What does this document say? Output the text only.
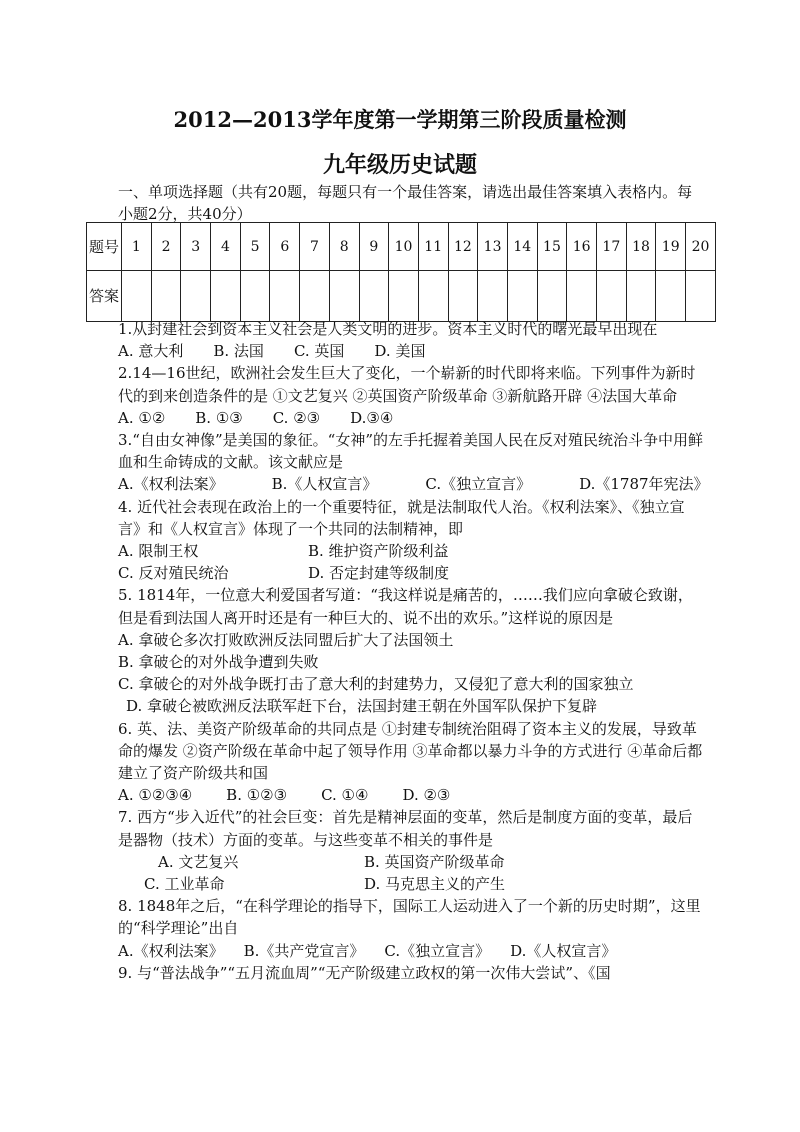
2012—2013学年度第一学期第三阶段质量检测
九年级历史试题
一、单项选择题（共有20题，每题只有一个最佳答案，请选出最佳答案填入表格内。每小题2分，共40分）
题号	1	2	3	4	5	6	7	8	9	10	11	12	13	14	15	16	17	18	19	20
答案																				

1.从封建社会到资本主义社会是人类文明的进步。资本主义时代的曙光最早出现在

A. 意大利 B. 法国 C. 英国 D. 美国

2.14—16世纪，欧洲社会发生巨大了变化，一个崭新的时代即将来临。下列事件为新时代的到来创造条件的是 ①文艺复兴 ②英国资产阶级革命 ③新航路开辟 ④法国大革命

A. ①② B. ①③ C. ②③ D.③④

3.“自由女神像”是美国的象征。“女神”的左手托握着美国人民在反对殖民统治斗争中用鲜血和生命铸成的文献。该文献应是

A.《权利法案》	B.《人权宣言》	C.《独立宣言》	D.《1787年宪法》

4. 近代社会表现在政治上的一个重要特征，就是法制取代人治。《权利法案》、《独立宣言》和《人权宣言》体现了一个共同的法制精神，即

A. 限制王权	B. 维护资产阶级利益
C. 反对殖民统治	D. 否定封建等级制度

5. 1814年，一位意大利爱国者写道：“我这样说是痛苦的，……我们应向拿破仑致谢，但是看到法国人离开时还是有一种巨大的、说不出的欢乐。”这样说的原因是

A. 拿破仑多次打败欧洲反法同盟后扩大了法国领土

B. 拿破仑的对外战争遭到失败

C. 拿破仑的对外战争既打击了意大利的封建势力，又侵犯了意大利的国家独立

D. 拿破仑被欧洲反法联军赶下台，法国封建王朝在外国军队保护下复辟

6. 英、法、美资产阶级革命的共同点是 ①封建专制统治阻碍了资本主义的发展，导致革命的爆发 ②资产阶级在革命中起了领导作用 ③革命都以暴力斗争的方式进行 ④革命后都建立了资产阶级共和国

A. ①②③④ B. ①②③ C. ①④ D. ②③

7. 西方“步入近代”的社会巨变：首先是精神层面的变革，然后是制度方面的变革，最后是器物（技术）方面的变革。与这些变革不相关的事件是

A. 文艺复兴	B. 英国资产阶级革命
C. 工业革命	D. 马克思主义的产生

8. 1848年之后，“在科学理论的指导下，国际工人运动进入了一个新的历史时期”，这里的“科学理论”出自

A.《权利法案》 B.《共产党宣言》 C.《独立宣言》 D.《人权宣言》

9. 与“普法战争”“五月流血周”“无产阶级建立政权的第一次伟大尝试”、《国
